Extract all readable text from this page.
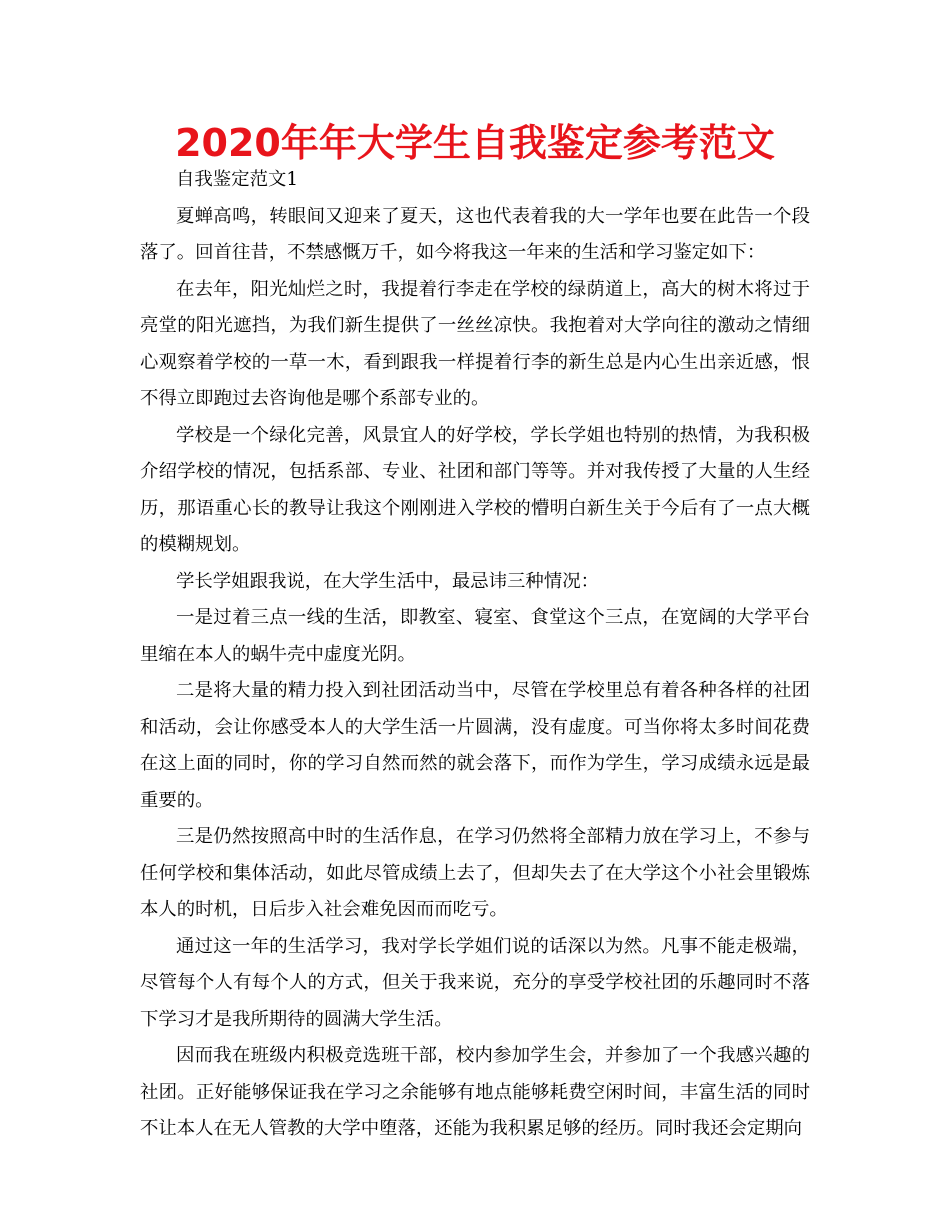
2020年年大学生自我鉴定参考范文

自我鉴定范文1

夏蝉高鸣，转眼间又迎来了夏天，这也代表着我的大一学年也要在此告一个段落了。回首往昔，不禁感慨万千，如今将我这一年来的生活和学习鉴定如下：

在去年，阳光灿烂之时，我提着行李走在学校的绿荫道上，高大的树木将过于亮堂的阳光遮挡，为我们新生提供了一丝丝凉快。我抱着对大学向往的激动之情细心观察着学校的一草一木，看到跟我一样提着行李的新生总是内心生出亲近感，恨不得立即跑过去咨询他是哪个系部专业的。

学校是一个绿化完善，风景宜人的好学校，学长学姐也特别的热情，为我积极介绍学校的情况，包括系部、专业、社团和部门等等。并对我传授了大量的人生经历，那语重心长的教导让我这个刚刚进入学校的懵明白新生关于今后有了一点大概的模糊规划。

学长学姐跟我说，在大学生活中，最忌讳三种情况：

一是过着三点一线的生活，即教室、寝室、食堂这个三点，在宽阔的大学平台里缩在本人的蜗牛壳中虚度光阴。

二是将大量的精力投入到社团活动当中，尽管在学校里总有着各种各样的社团和活动，会让你感受本人的大学生活一片圆满，没有虚度。可当你将太多时间花费在这上面的同时，你的学习自然而然的就会落下，而作为学生，学习成绩永远是最重要的。

三是仍然按照高中时的生活作息，在学习仍然将全部精力放在学习上，不参与任何学校和集体活动，如此尽管成绩上去了，但却失去了在大学这个小社会里锻炼本人的时机，日后步入社会难免因而而吃亏。

通过这一年的生活学习，我对学长学姐们说的话深以为然。凡事不能走极端，尽管每个人有每个人的方式，但关于我来说，充分的享受学校社团的乐趣同时不落下学习才是我所期待的圆满大学生活。

因而我在班级内积极竞选班干部，校内参加学生会，并参加了一个我感兴趣的社团。正好能够保证我在学习之余能够有地点能够耗费空闲时间，丰富生活的同时不让本人在无人管教的大学中堕落，还能为我积累足够的经历。同时我还会定期向
